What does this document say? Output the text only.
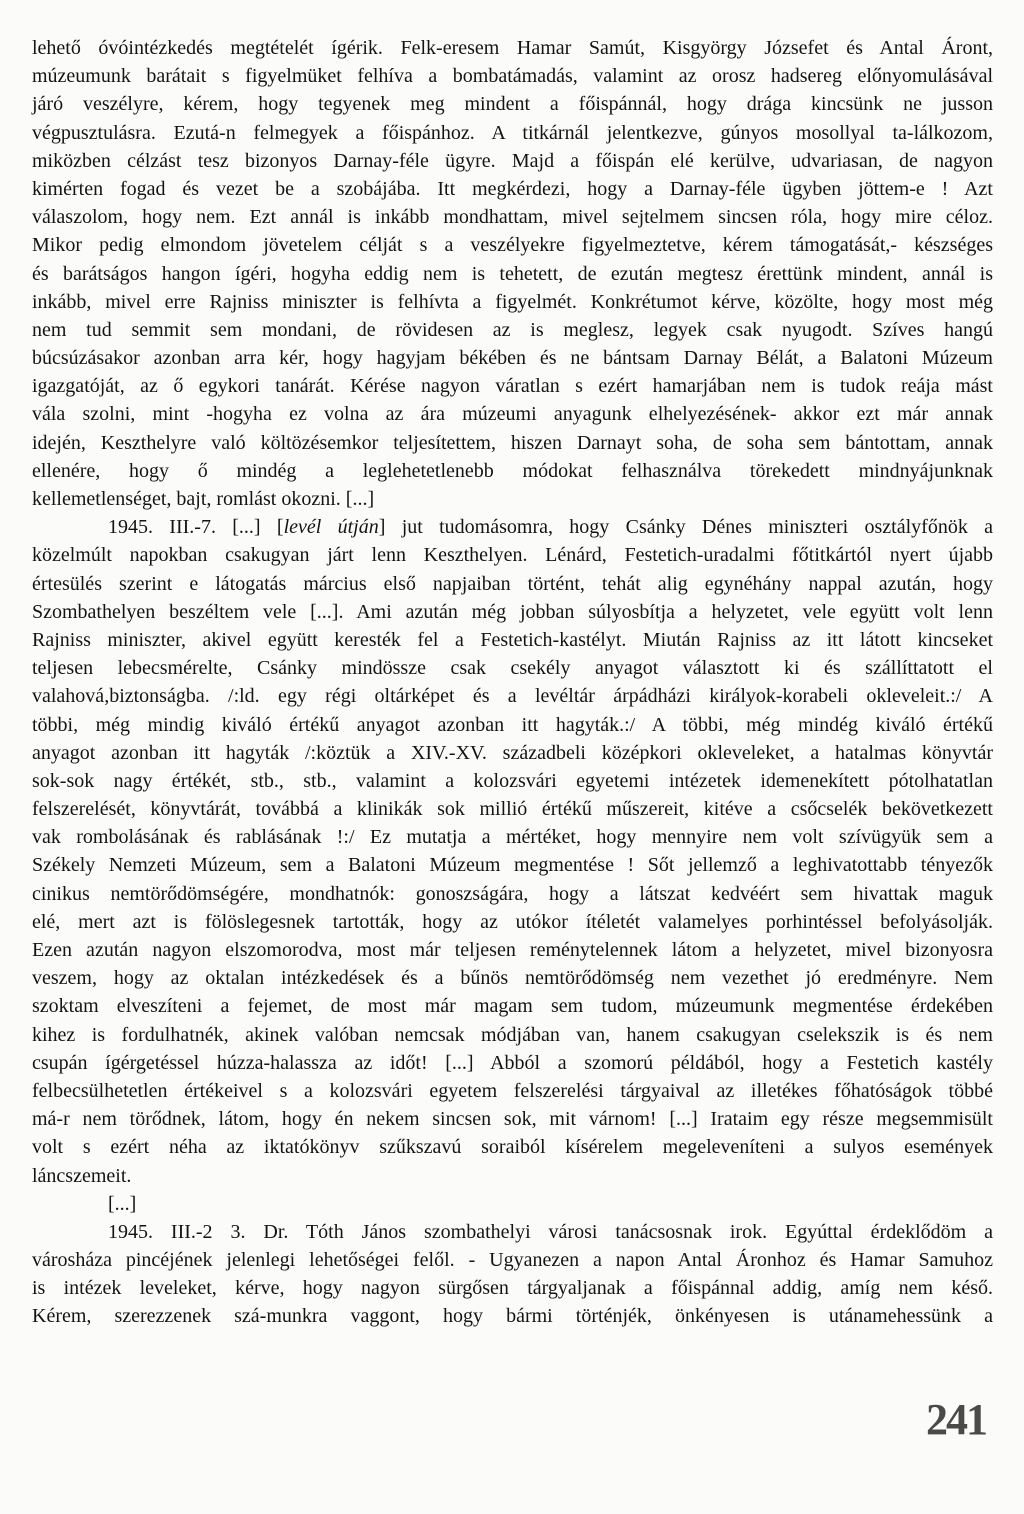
lehető óvóintézkedés megtételét ígérik. Felk-eresem Hamar Samút, Kisgyörgy Józsefet és Antal Áront,
múzeumunk barátait s figyelmüket felhíva a bombatámadás, valamint az orosz hadsereg előnyomulásával
járó veszélyre, kérem, hogy tegyenek meg mindent a főispánnál, hogy drága kincsünk ne jusson
végpusztulásra. Ezutá-n felmegyek a főispánhoz. A titkárnál jelentkezve, gúnyos mosollyal ta-lálkozom,
miközben célzást tesz bizonyos Darnay-féle ügyre. Majd a főispán elé kerülve, udvariasan, de nagyon
kimérten fogad és vezet be a szobájába. Itt megkérdezi, hogy a Darnay-féle ügyben jöttem-e ! Azt
válaszolom, hogy nem. Ezt annál is inkább mondhattam, mivel sejtelmem sincsen róla, hogy mire céloz.
Mikor pedig elmondom jövetelem célját s a veszélyekre figyelmeztetve, kérem támogatását,- készséges
és barátságos hangon ígéri, hogyha eddig nem is tehetett, de ezután megtesz érettünk mindent, annál is
inkább, mivel erre Rajniss miniszter is felhívta a figyelmét. Konkrétumot kérve, közölte, hogy most még
nem tud semmit sem mondani, de rövidesen az is meglesz, legyek csak nyugodt. Szíves hangú
búcsúzásakor azonban arra kér, hogy hagyjam békében és ne bántsam Darnay Bélát, a Balatoni Múzeum
igazgatóját, az ő egykori tanárát. Kérése nagyon váratlan s ezért hamarjában nem is tudok reája mást
vála szolni, mint -hogyha ez volna az ára múzeumi anyagunk elhelyezésének- akkor ezt már annak
idején, Keszthelyre való költözésemkor teljesítettem, hiszen Darnayt soha, de soha sem bántottam, annak
ellenére, hogy ő mindég a leglehetetlenebb módokat felhasználva törekedett mindnyájunknak
kellemetlenséget, bajt, romlást okozni. [...]
1945. III.-7. [...] [levél útján] jut tudomásomra, hogy Csánky Dénes miniszteri osztályfőnök a
közelmúlt napokban csakugyan járt lenn Keszthelyen. Lénárd, Festetich-uradalmi főtitkártól nyert újabb
értesülés szerint e látogatás március első napjaiban történt, tehát alig egynéhány nappal azután, hogy
Szombathelyen beszéltem vele [...]. Ami azután még jobban súlyosbítja a helyzetet, vele együtt volt lenn
Rajniss miniszter, akivel együtt keresték fel a Festetich-kastélyt. Miután Rajniss az itt látott kincseket
teljesen lebecsmérelte, Csánky mindössze csak csekély anyagot választott ki és szállíttatott el
valahová,biztonságba. /:ld. egy régi oltárképet és a levéltár árpádházi királyok-korabeli okleveleit.:/ A
többi, még mindig kiváló értékű anyagot azonban itt hagyták.:/ A többi, még mindég kiváló értékű
anyagot azonban itt hagyták /:köztük a XIV.-XV. századbeli középkori okleveleket, a hatalmas könyvtár
sok-sok nagy értékét, stb., stb., valamint a kolozsvári egyetemi intézetek idemenekített pótolhatatlan
felszerelését, könyvtárát, továbbá a klinikák sok millió értékű műszereit, kitéve a csőcselék bekövetkezett
vak rombolásának és rablásának !:/ Ez mutatja a mértéket, hogy mennyire nem volt szívügyük sem a
Székely Nemzeti Múzeum, sem a Balatoni Múzeum megmentése ! Sőt jellemző a leghivatottabb tényezők
cinikus nemtörődömségére, mondhatnók: gonoszságára, hogy a látszat kedvéért sem hivattak maguk
elé, mert azt is fölöslegesnek tartották, hogy az utókor ítéletét valamelyes porhintéssel befolyásolják.
Ezen azután nagyon elszomorodva, most már teljesen reménytelennek látom a helyzetet, mivel bizonyosra
veszem, hogy az oktalan intézkedések és a bűnös nemtörődömség nem vezethet jó eredményre. Nem
szoktam elveszíteni a fejemet, de most már magam sem tudom, múzeumunk megmentése érdekében
kihez is fordulhatnék, akinek valóban nemcsak módjában van, hanem csakugyan cselekszik is és nem
csupán ígérgetéssel húzza-halassza az időt! [...] Abból a szomorú példából, hogy a Festetich kastély
felbecsülhetetlen értékeivel s a kolozsvári egyetem felszerelési tárgyaival az illetékes főhatóságok többé
má-r nem törődnek, látom, hogy én nekem sincsen sok, mit várnom! [...] Irataim egy része megsemmisült
volt s ezért néha az iktatókönyv szűkszavú soraiból kísérelem megeleveníteni a sulyos események
láncszemeit.
[...]
1945. III.-2 3. Dr. Tóth János szombathelyi városi tanácsosnak irok. Egyúttal érdeklődöm a
városháza pincéjének jelenlegi lehetőségei felől. - Ugyanezen a napon Antal Áronhoz és Hamar Samuhoz
is intézek leveleket, kérve, hogy nagyon sürgősen tárgyaljanak a főispánnal addig, amíg nem késő.
Kérem, szerezzenek szá-munkra vaggont, hogy bármi történjék, önkényesen is utánamehessünk a
241
